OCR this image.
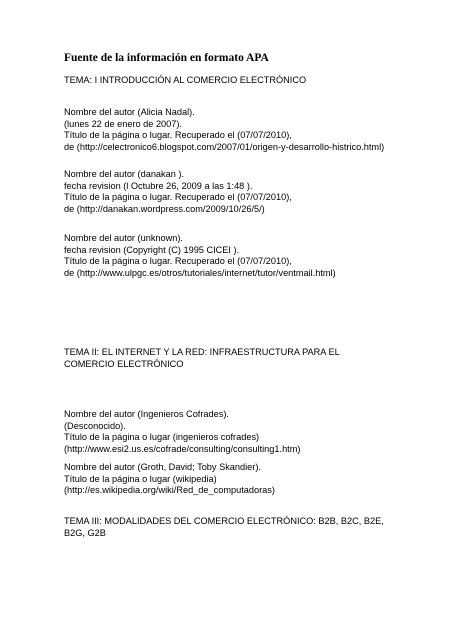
Fuente de la información en formato APA
TEMA: I INTRODUCCIÓN AL COMERCIO ELECTRÓNICO
Nombre del autor (Alicia Nadal).
(lunes 22 de enero de 2007).
Título de la página o lugar. Recuperado el (07/07/2010),
de (http://celectronico6.blogspot.com/2007/01/origen-y-desarrollo-histrico.html)
Nombre del autor (danakan ).
fecha revision (l Octubre 26, 2009 a las 1:48 ).
Título de la página o lugar. Recuperado el (07/07/2010),
de (http://danakan.wordpress.com/2009/10/26/5/)
Nombre del autor (unknown).
fecha revision (Copyright (C) 1995 CICEI ).
Título de la página o lugar. Recuperado el (07/07/2010),
de (http://www.ulpgc.es/otros/tutoriales/internet/tutor/ventmail.html)
TEMA II: EL INTERNET Y LA RED: INFRAESTRUCTURA PARA EL
COMERCIO ELECTRÓNICO
Nombre del autor (Ingenieros Cofrades).
(Desconocido).
Título de la página o lugar (ingenieros cofrades)
(http://www.esi2.us.es/cofrade/consulting/consulting1.htm)
Nombre del autor (Groth, David; Toby Skandier).
Título de la página o lugar (wikipedia)
(http://es.wikipedia.org/wiki/Red_de_computadoras)
TEMA III: MODALIDADES DEL COMERCIO ELECTRÓNICO: B2B, B2C, B2E,
B2G, G2B
